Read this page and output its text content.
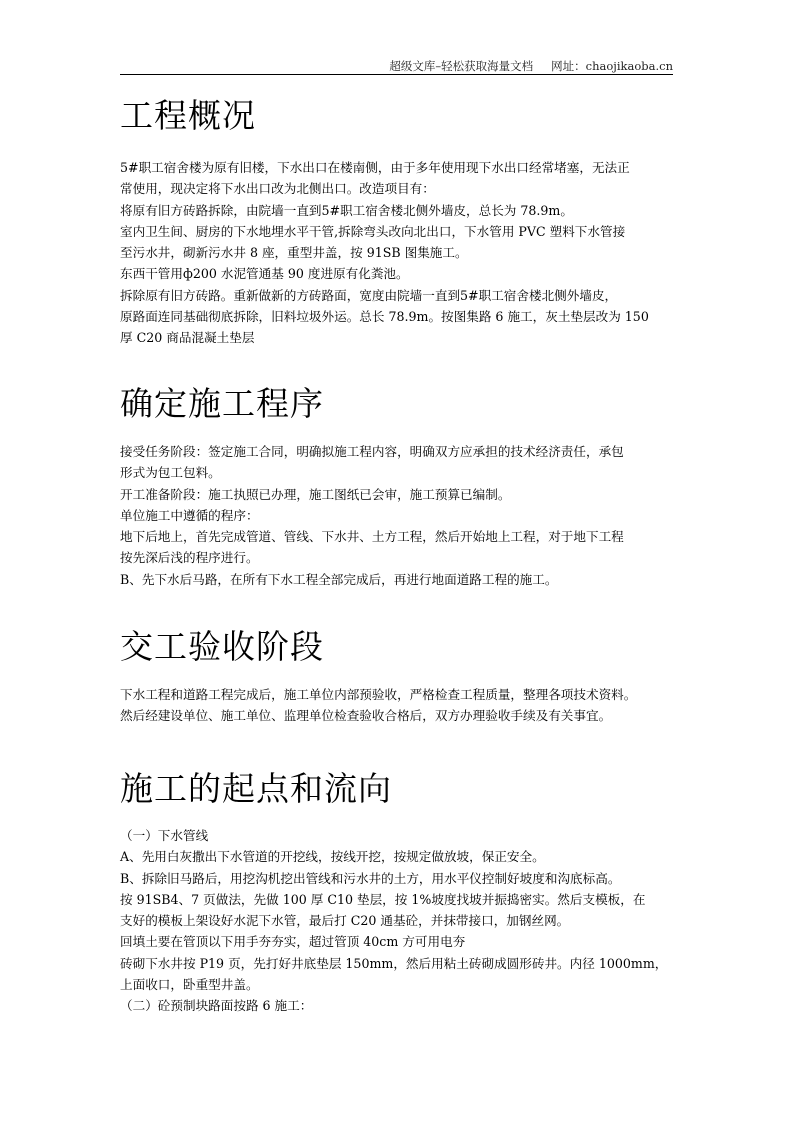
超级文库–轻松获取海量文档 网址：chaojikaoba.cn
工程概况
5#职工宿舍楼为原有旧楼，下水出口在楼南侧，由于多年使用现下水出口经常堵塞，无法正
常使用，现决定将下水出口改为北侧出口。改造项目有：
将原有旧方砖路拆除，由院墙一直到5#职工宿舍楼北侧外墙皮，总长为 78.9m。
室内卫生间、厨房的下水地埋水平干管,拆除弯头改向北出口，下水管用 PVC 塑料下水管接
至污水井，砌新污水井 8 座，重型井盖，按 91SB 图集施工。
东西干管用ф200 水泥管通基 90 度进原有化粪池。
拆除原有旧方砖路。重新做新的方砖路面，宽度由院墙一直到5#职工宿舍楼北侧外墙皮，
原路面连同基础彻底拆除，旧料垃圾外运。总长 78.9m。按图集路 6 施工，灰土垫层改为 150
厚 C20 商品混凝土垫层
确定施工程序
接受任务阶段：签定施工合同，明确拟施工程内容，明确双方应承担的技术经济责任，承包
形式为包工包料。
开工准备阶段：施工执照已办理，施工图纸已会审，施工预算已编制。
单位施工中遵循的程序：
地下后地上，首先完成管道、管线、下水井、土方工程，然后开始地上工程，对于地下工程
按先深后浅的程序进行。
B、先下水后马路，在所有下水工程全部完成后，再进行地面道路工程的施工。
交工验收阶段
下水工程和道路工程完成后，施工单位内部预验收，严格检查工程质量，整理各项技术资料。
然后经建设单位、施工单位、监理单位检查验收合格后，双方办理验收手续及有关事宜。
施工的起点和流向
（一）下水管线
A、先用白灰撒出下水管道的开挖线，按线开挖，按规定做放坡，保正安全。
B、拆除旧马路后，用挖沟机挖出管线和污水井的土方，用水平仪控制好坡度和沟底标高。
按 91SB4、7 页做法，先做 100 厚 C10 垫层，按 1%坡度找坡并振捣密实。然后支模板，在
支好的模板上架设好水泥下水管，最后打 C20 通基砼，并抹带接口，加钢丝网。
回填土要在管顶以下用手夯夯实，超过管顶 40cm 方可用电夯
砖砌下水井按 P19 页，先打好井底垫层 150mm，然后用粘土砖砌成圆形砖井。内径 1000mm，
上面收口，卧重型井盖。
（二）砼预制块路面按路 6 施工：
